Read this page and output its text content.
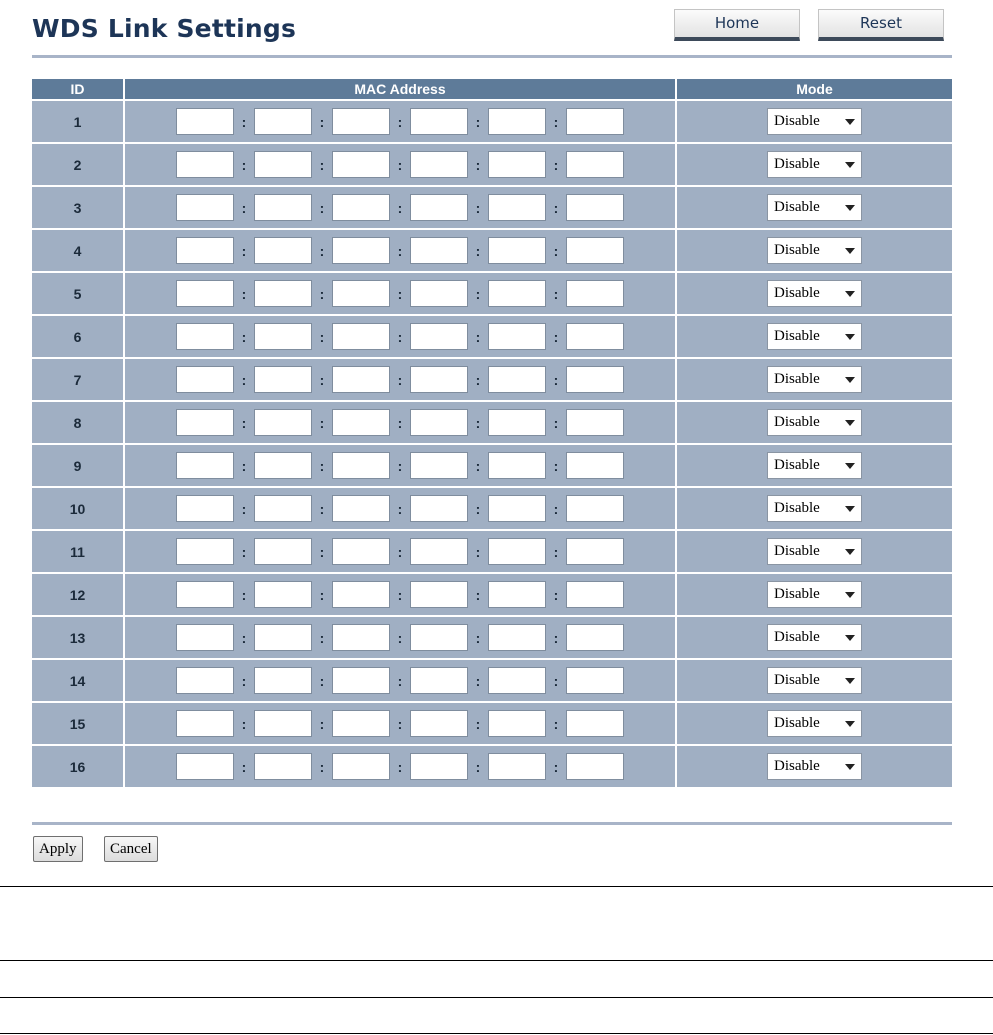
WDS Link Settings	Home	Reset
ID	MAC Address	Mode
1	: : : : :	Disable

2	: : : : :	Disable

3	: : : : :	Disable

4	: : : : :	Disable

5	: : : : :	Disable

6	: : : : :	Disable

7	: : : : :	Disable

8	: : : : :	Disable

9	: : : : :	Disable

10	: : : : :	Disable

11	: : : : :	Disable

12	: : : : :	Disable

13	: : : : :	Disable

14	: : : : :	Disable

15	: : : : :	Disable

16	: : : : :	Disable
Apply	Cancel
